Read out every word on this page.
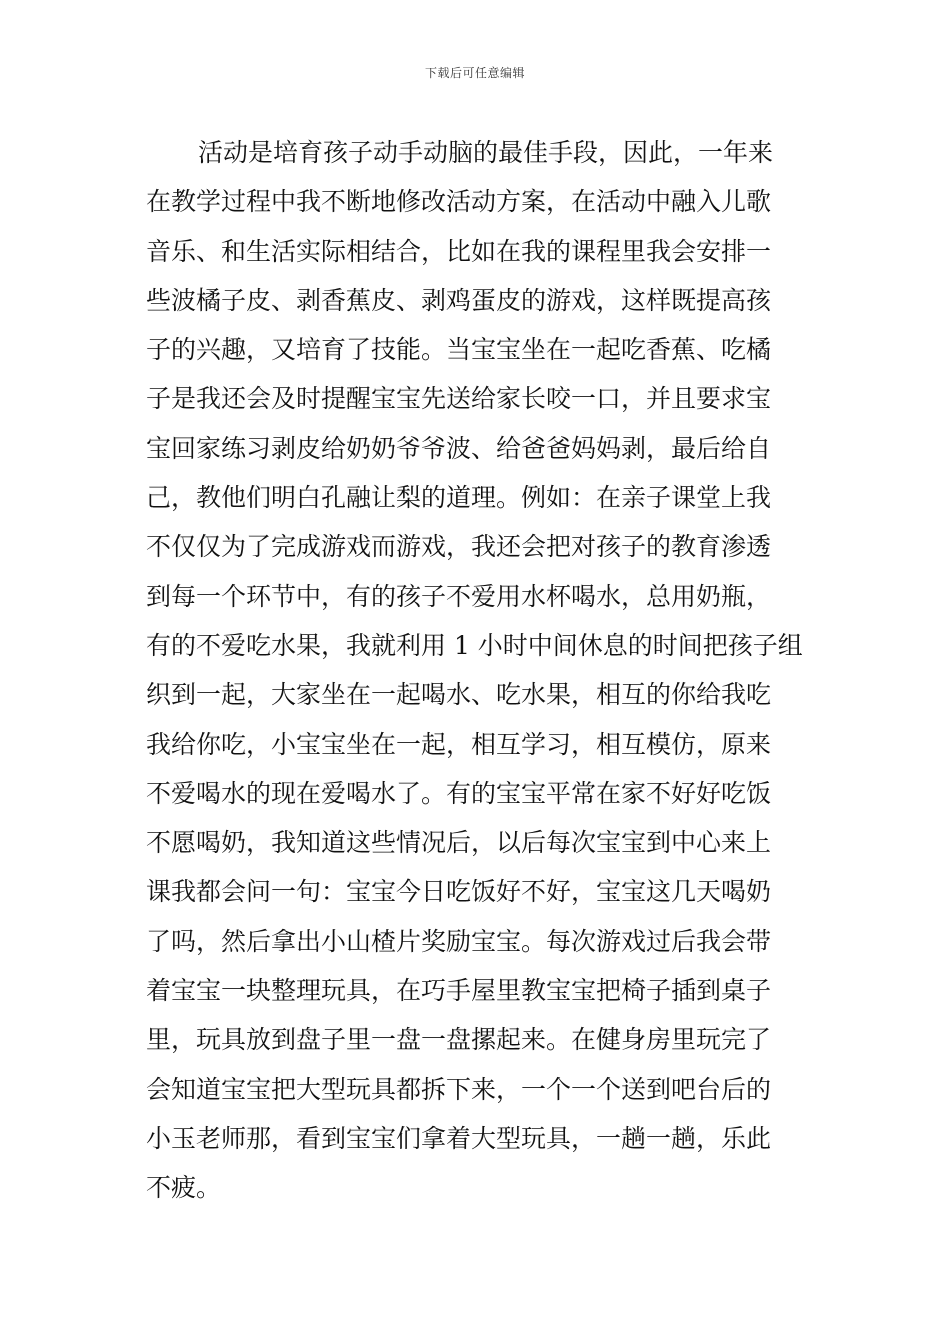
下载后可任意编辑
活动是培育孩子动手动脑的最佳手段，因此，一年来
在教学过程中我不断地修改活动方案，在活动中融入儿歌
音乐、和生活实际相结合，比如在我的课程里我会安排一
些波橘子皮、剥香蕉皮、剥鸡蛋皮的游戏，这样既提高孩
子的兴趣，又培育了技能。当宝宝坐在一起吃香蕉、吃橘
子是我还会及时提醒宝宝先送给家长咬一口，并且要求宝
宝回家练习剥皮给奶奶爷爷波、给爸爸妈妈剥，最后给自
己，教他们明白孔融让梨的道理。例如：在亲子课堂上我
不仅仅为了完成游戏而游戏，我还会把对孩子的教育渗透
到每一个环节中，有的孩子不爱用水杯喝水，总用奶瓶，
有的不爱吃水果，我就利用 1 小时中间休息的时间把孩子组
织到一起，大家坐在一起喝水、吃水果，相互的你给我吃
我给你吃，小宝宝坐在一起，相互学习，相互模仿，原来
不爱喝水的现在爱喝水了。有的宝宝平常在家不好好吃饭
不愿喝奶，我知道这些情况后，以后每次宝宝到中心来上
课我都会问一句：宝宝今日吃饭好不好，宝宝这几天喝奶
了吗，然后拿出小山楂片奖励宝宝。每次游戏过后我会带
着宝宝一块整理玩具，在巧手屋里教宝宝把椅子插到桌子
里，玩具放到盘子里一盘一盘摞起来。在健身房里玩完了
会知道宝宝把大型玩具都拆下来，一个一个送到吧台后的
小玉老师那，看到宝宝们拿着大型玩具，一趟一趟，乐此
不疲。
